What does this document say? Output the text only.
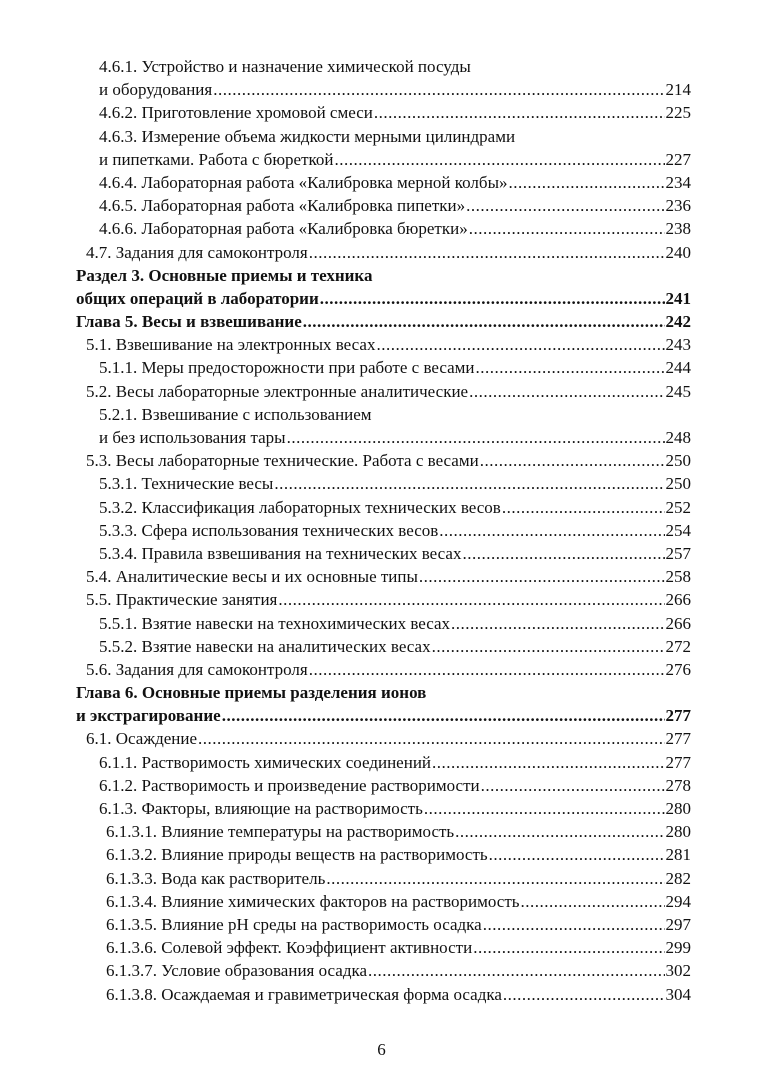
4.6.1. Устройство и назначение химической посуды
и оборудования .....	214
4.6.2. Приготовление хромовой смеси .....	225
4.6.3. Измерение объема жидкости мерными цилиндрами
и пипетками. Работа с бюреткой .....	227
4.6.4. Лабораторная работа «Калибровка мерной колбы» .....	234
4.6.5. Лабораторная работа «Калибровка пипетки» .....	236
4.6.6. Лабораторная работа «Калибровка бюретки» .....	238
4.7. Задания для самоконтроля .....	240
Раздел 3. Основные приемы и техника
общих операций в лаборатории .....	241
Глава 5. Весы и взвешивание .....	242
5.1. Взвешивание на электронных весах .....	243
5.1.1. Меры предосторожности при работе с весами .....	244
5.2. Весы лабораторные электронные аналитические .....	245
5.2.1. Взвешивание с использованием
и без использования тары .....	248
5.3. Весы лабораторные технические. Работа с весами .....	250
5.3.1. Технические весы .....	250
5.3.2. Классификация лабораторных технических весов .....	252
5.3.3. Сфера использования технических весов .....	254
5.3.4. Правила взвешивания на технических весах .....	257
5.4. Аналитические весы и их основные типы .....	258
5.5. Практические занятия .....	266
5.5.1. Взятие навески на технохимических весах .....	266
5.5.2. Взятие навески на аналитических весах .....	272
5.6. Задания для самоконтроля .....	276
Глава 6. Основные приемы разделения ионов
и экстрагирование .....	277
6.1. Осаждение .....	277
6.1.1. Растворимость химических соединений .....	277
6.1.2. Растворимость и произведение растворимости .....	278
6.1.3. Факторы, влияющие на растворимость .....	280
6.1.3.1. Влияние температуры на растворимость .....	280
6.1.3.2. Влияние природы веществ на растворимость .....	281
6.1.3.3. Вода как растворитель .....	282
6.1.3.4. Влияние химических факторов на растворимость .....	294
6.1.3.5. Влияние pH среды на растворимость осадка .....	297
6.1.3.6. Солевой эффект. Коэффициент активности .....	299
6.1.3.7. Условие образования осадка .....	302
6.1.3.8. Осаждаемая и гравиметрическая форма осадка .....	304
6
